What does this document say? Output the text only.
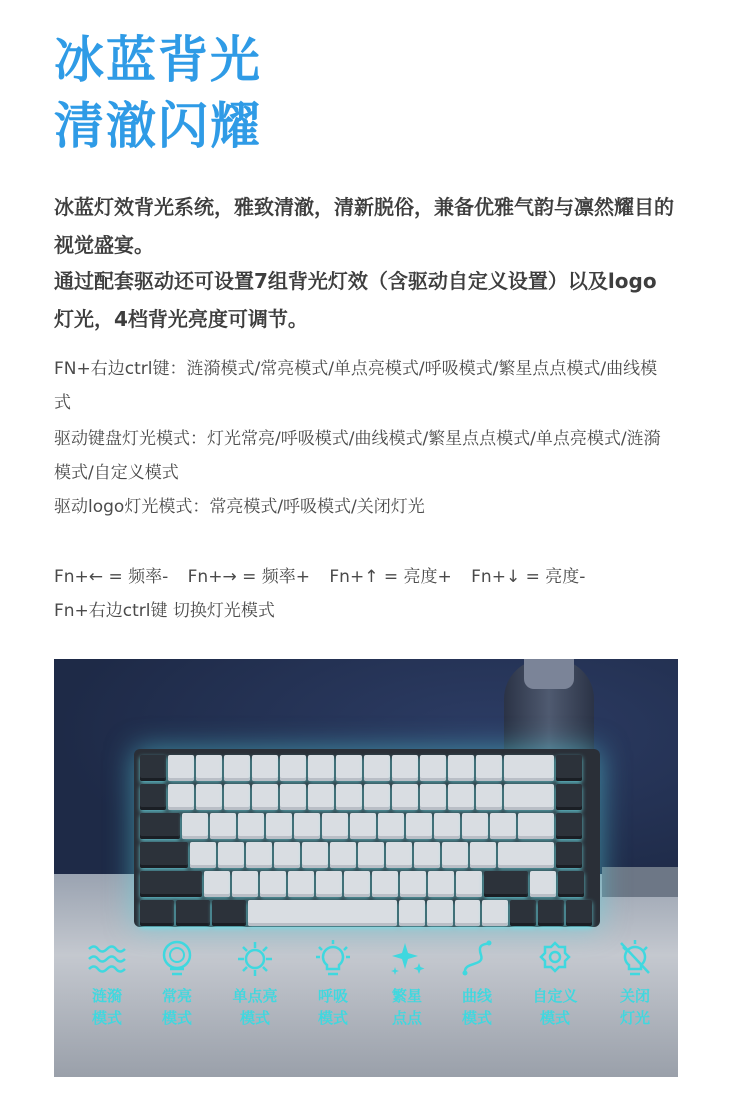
冰蓝背光
清澈闪耀
冰蓝灯效背光系统，雅致清澈，清新脱俗，兼备优雅气韵与凛然耀目的视觉盛宴。
通过配套驱动还可设置7组背光灯效（含驱动自定义设置）以及logo灯光，4档背光亮度可调节。
FN+右边ctrl键：涟漪模式/常亮模式/单点亮模式/呼吸模式/繁星点点模式/曲线模式
驱动键盘灯光模式：灯光常亮/呼吸模式/曲线模式/繁星点点模式/单点亮模式/涟漪模式/自定义模式
驱动logo灯光模式：常亮模式/呼吸模式/关闭灯光
Fn+← = 频率- Fn+→ = 频率+ Fn+↑ = 亮度+ Fn+↓ = 亮度-
Fn+右边ctrl键 切换灯光模式
涟漪
模式
常亮
模式
单点亮
模式
呼吸
模式
繁星
点点
曲线
模式
自定义
模式
关闭
灯光
